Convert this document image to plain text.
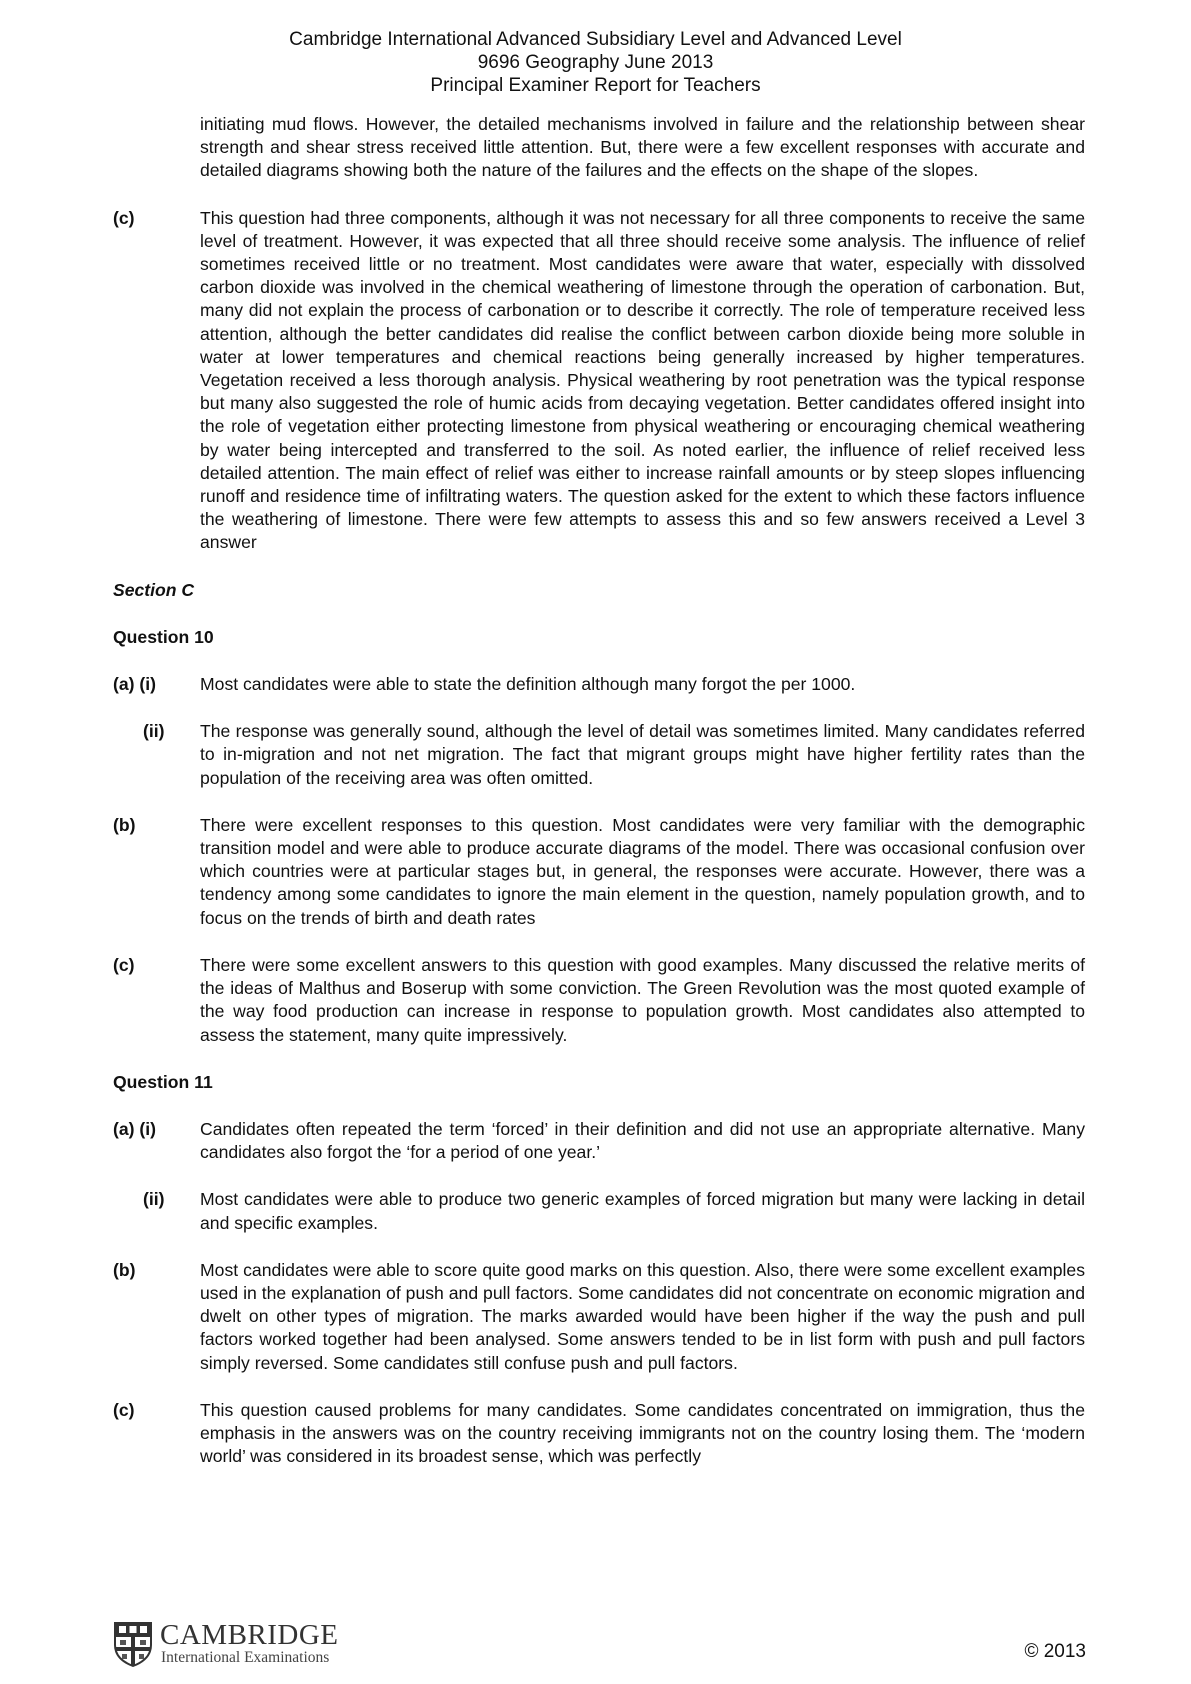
Cambridge International Advanced Subsidiary Level and Advanced Level
9696 Geography June 2013
Principal Examiner Report for Teachers

initiating mud flows. However, the detailed mechanisms involved in failure and the relationship between shear strength and shear stress received little attention. But, there were a few excellent responses with accurate and detailed diagrams showing both the nature of the failures and the effects on the shape of the slopes.

(c)	This question had three components, although it was not necessary for all three components to receive the same level of treatment. However, it was expected that all three should receive some analysis. The influence of relief sometimes received little or no treatment. Most candidates were aware that water, especially with dissolved carbon dioxide was involved in the chemical weathering of limestone through the operation of carbonation. But, many did not explain the process of carbonation or to describe it correctly. The role of temperature received less attention, although the better candidates did realise the conflict between carbon dioxide being more soluble in water at lower temperatures and chemical reactions being generally increased by higher temperatures. Vegetation received a less thorough analysis. Physical weathering by root penetration was the typical response but many also suggested the role of humic acids from decaying vegetation. Better candidates offered insight into the role of vegetation either protecting limestone from physical weathering or encouraging chemical weathering by water being intercepted and transferred to the soil. As noted earlier, the influence of relief received less detailed attention. The main effect of relief was either to increase rainfall amounts or by steep slopes influencing runoff and residence time of infiltrating waters. The question asked for the extent to which these factors influence the weathering of limestone. There were few attempts to assess this and so few answers received a Level 3 answer

Section C
Question 10

(a) (i)	Most candidates were able to state the definition although many forgot the per 1000.

(ii) The response was generally sound, although the level of detail was sometimes limited. Many candidates referred to in-migration and not net migration. The fact that migrant groups might have higher fertility rates than the population of the receiving area was often omitted.

(b)	There were excellent responses to this question. Most candidates were very familiar with the demographic transition model and were able to produce accurate diagrams of the model. There was occasional confusion over which countries were at particular stages but, in general, the responses were accurate. However, there was a tendency among some candidates to ignore the main element in the question, namely population growth, and to focus on the trends of birth and death rates

(c)	There were some excellent answers to this question with good examples. Many discussed the relative merits of the ideas of Malthus and Boserup with some conviction. The Green Revolution was the most quoted example of the way food production can increase in response to population growth. Most candidates also attempted to assess the statement, many quite impressively.

Question 11

(a) (i)	Candidates often repeated the term ‘forced’ in their definition and did not use an appropriate alternative. Many candidates also forgot the ‘for a period of one year.’

(ii) Most candidates were able to produce two generic examples of forced migration but many were lacking in detail and specific examples.

(b)	Most candidates were able to score quite good marks on this question. Also, there were some excellent examples used in the explanation of push and pull factors. Some candidates did not concentrate on economic migration and dwelt on other types of migration. The marks awarded would have been higher if the way the push and pull factors worked together had been analysed. Some answers tended to be in list form with push and pull factors simply reversed. Some candidates still confuse push and pull factors.

(c)	This question caused problems for many candidates. Some candidates concentrated on immigration, thus the emphasis in the answers was on the country receiving immigrants not on the country losing them. The ‘modern world’ was considered in its broadest sense, which was perfectly

CAMBRIDGE
International Examinations	© 2013
